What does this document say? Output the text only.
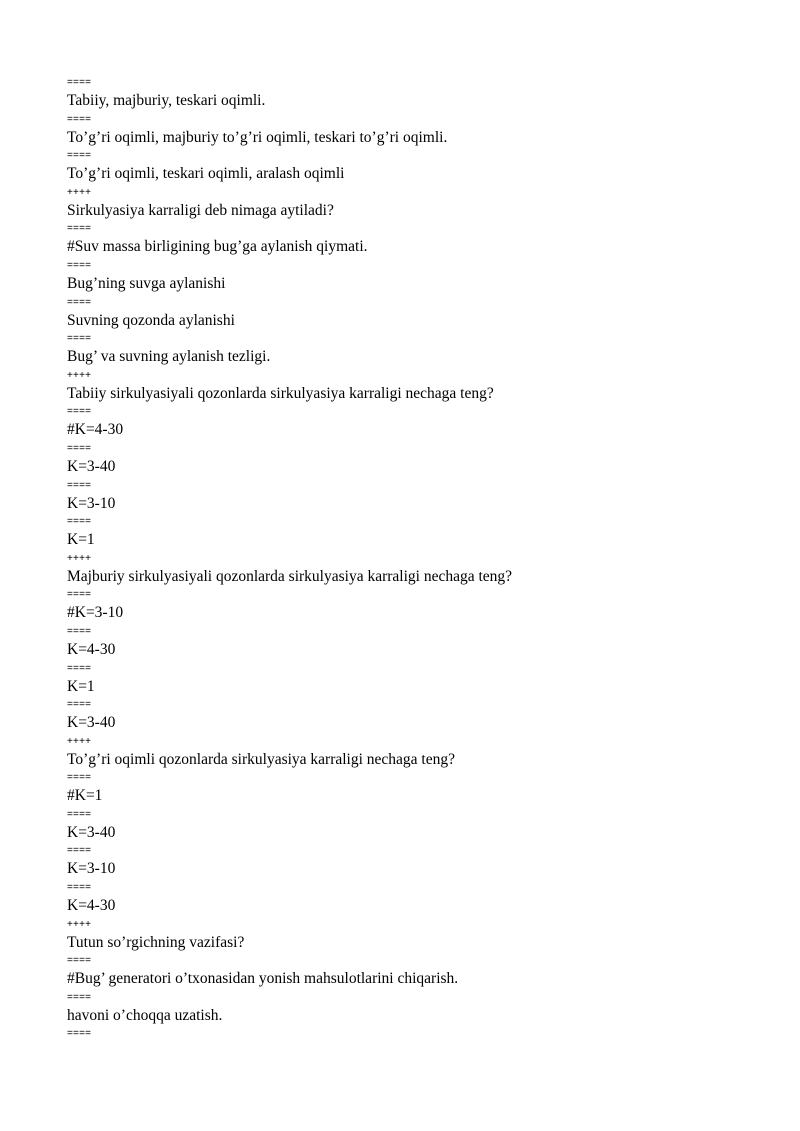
====
Tabiiy, majburiy, teskari oqimli.
====
To’g’ri oqimli, majburiy to’g’ri oqimli, teskari to’g’ri oqimli.
====
To’g’ri oqimli, teskari oqimli, aralash oqimli
++++
Sirkulyasiya karraligi deb nimaga aytiladi?
====
#Suv massa birligining bug’ga aylanish qiymati.
====
Bug’ning suvga aylanishi
====
Suvning qozonda aylanishi
====
Bug’ va suvning aylanish tezligi.
++++
Tabiiy sirkulyasiyali qozonlarda sirkulyasiya karraligi nechaga teng?
====
#K=4-30
====
K=3-40
====
K=3-10
====
K=1
++++
Majburiy sirkulyasiyali qozonlarda sirkulyasiya karraligi nechaga teng?
====
#K=3-10
====
K=4-30
====
K=1
====
K=3-40
++++
To’g’ri oqimli qozonlarda sirkulyasiya karraligi nechaga teng?
====
#K=1
====
K=3-40
====
K=3-10
====
K=4-30
++++
Tutun so’rgichning vazifasi?
====
#Bug’ generatori o’txonasidan yonish mahsulotlarini chiqarish.
====
havoni o’choqqa uzatish.
====
